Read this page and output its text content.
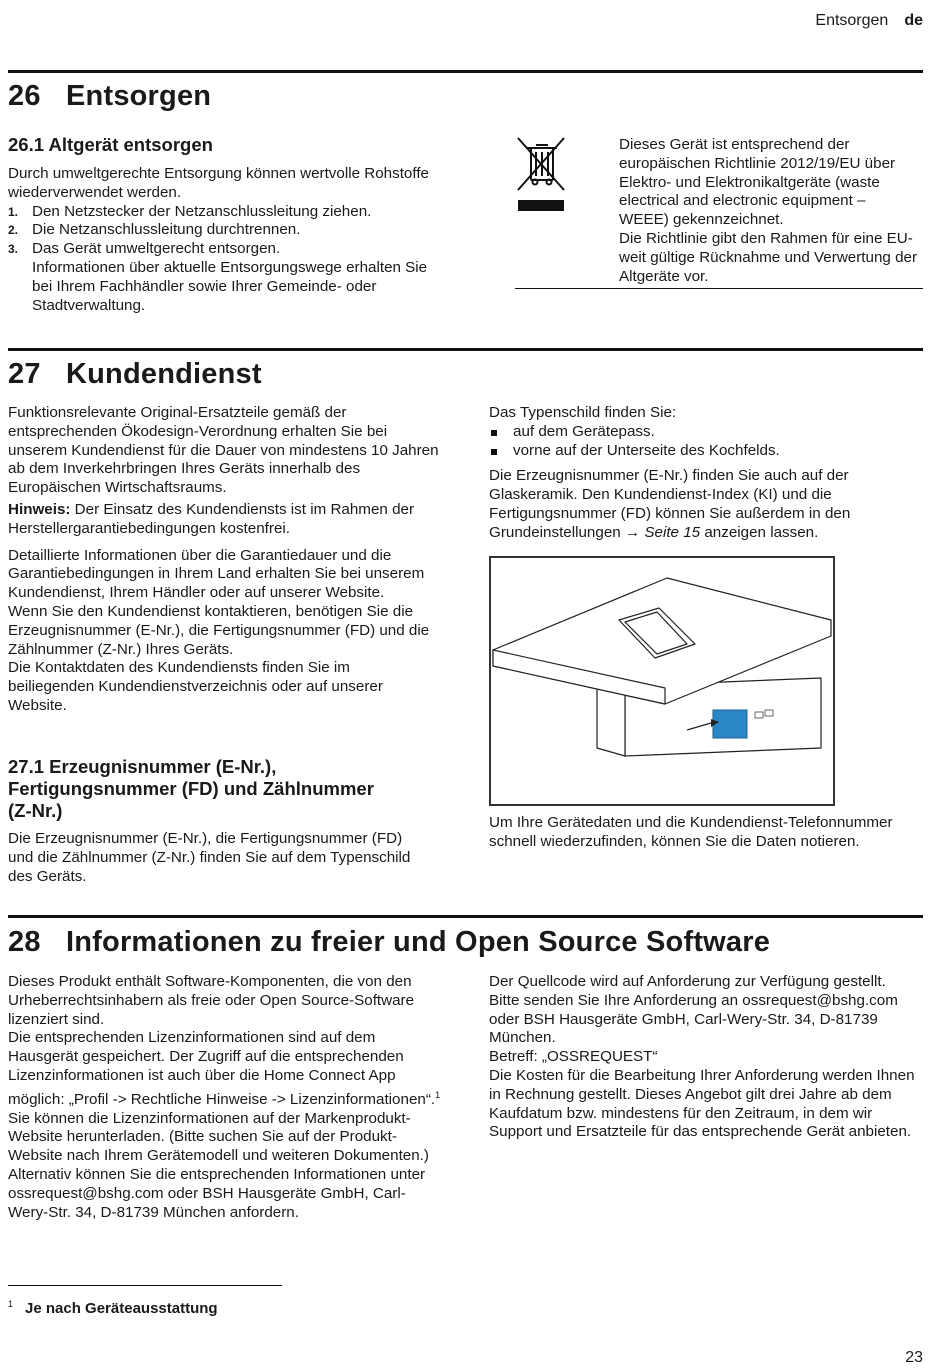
Entsorgen de
26 Entsorgen
26.1 Altgerät entsorgen

Durch umweltgerechte Entsorgung können wertvolle Rohstoffe wiederverwendet werden.

1. Den Netzstecker der Netzanschlussleitung ziehen.
2. Die Netzanschlussleitung durchtrennen.
3. Das Gerät umweltgerecht entsorgen.
Informationen über aktuelle Entsorgungswege erhalten Sie bei Ihrem Fachhändler sowie Ihrer Gemeinde- oder Stadtverwaltung.

Dieses Gerät ist entsprechend der europäischen Richtlinie 2012/19/EU über Elektro- und Elektronikaltgeräte (waste electrical and electronic equipment – WEEE) gekennzeichnet.

Die Richtlinie gibt den Rahmen für eine EU-weit gültige Rücknahme und Verwertung der Altgeräte vor.

27 Kundendienst

Funktionsrelevante Original-Ersatzteile gemäß der entsprechenden Ökodesign-Verordnung erhalten Sie bei unserem Kundendienst für die Dauer von mindestens 10 Jahren ab dem Inverkehrbringen Ihres Geräts innerhalb des Europäischen Wirtschaftsraums.

Hinweis: Der Einsatz des Kundendiensts ist im Rahmen der Herstellergarantiebedingungen kostenfrei.

Detaillierte Informationen über die Garantiedauer und die Garantiebedingungen in Ihrem Land erhalten Sie bei unserem Kundendienst, Ihrem Händler oder auf unserer Website.

Wenn Sie den Kundendienst kontaktieren, benötigen Sie die Erzeugnisnummer (E-Nr.), die Fertigungsnummer (FD) und die Zählnummer (Z-Nr.) Ihres Geräts.

Die Kontaktdaten des Kundendiensts finden Sie im beiliegenden Kundendienstverzeichnis oder auf unserer Website.

27.1 Erzeugnisnummer (E-Nr.),
Fertigungsnummer (FD) und Zählnummer
(Z-Nr.)

Die Erzeugnisnummer (E-Nr.), die Fertigungsnummer (FD) und die Zählnummer (Z-Nr.) finden Sie auf dem Typenschild des Geräts.

Das Typenschild finden Sie:

auf dem Gerätepass.
vorne auf der Unterseite des Kochfelds.

Die Erzeugnisnummer (E-Nr.) finden Sie auch auf der Glaskeramik. Den Kundendienst-Index (KI) und die Fertigungsnummer (FD) können Sie außerdem in den Grundeinstellungen → Seite 15 anzeigen lassen.

Um Ihre Gerätedaten und die Kundendienst-Telefonnummer schnell wiederzufinden, können Sie die Daten notieren.

28 Informationen zu freier und Open Source Software

Dieses Produkt enthält Software-Komponenten, die von den Urheberrechtsinhabern als freie oder Open Source-Software lizenziert sind.

Die entsprechenden Lizenzinformationen sind auf dem Hausgerät gespeichert. Der Zugriff auf die entsprechenden Lizenzinformationen ist auch über die Home Connect App möglich: „Profil -> Rechtliche Hinweise -> Lizenzinformationen“.$^1$ Sie können die Lizenzinformationen auf der Markenprodukt-Website herunterladen. (Bitte suchen Sie auf der Produkt-Website nach Ihrem Gerätemodell und weiteren Dokumenten.) Alternativ können Sie die entsprechenden Informationen unter ossrequest@bshg.com oder BSH Hausgeräte GmbH, Carl-Wery-Str. 34, D-81739 München anfordern.

Der Quellcode wird auf Anforderung zur Verfügung gestellt.

Bitte senden Sie Ihre Anforderung an ossrequest@bshg.com oder BSH Hausgeräte GmbH, Carl-Wery-Str. 34, D-81739 München.

Betreff: „OSSREQUEST“

Die Kosten für die Bearbeitung Ihrer Anforderung werden Ihnen in Rechnung gestellt. Dieses Angebot gilt drei Jahre ab dem Kaufdatum bzw. mindestens für den Zeitraum, in dem wir Support und Ersatzteile für das entsprechende Gerät anbieten.

$^1$ Je nach Geräteausstattung
23
